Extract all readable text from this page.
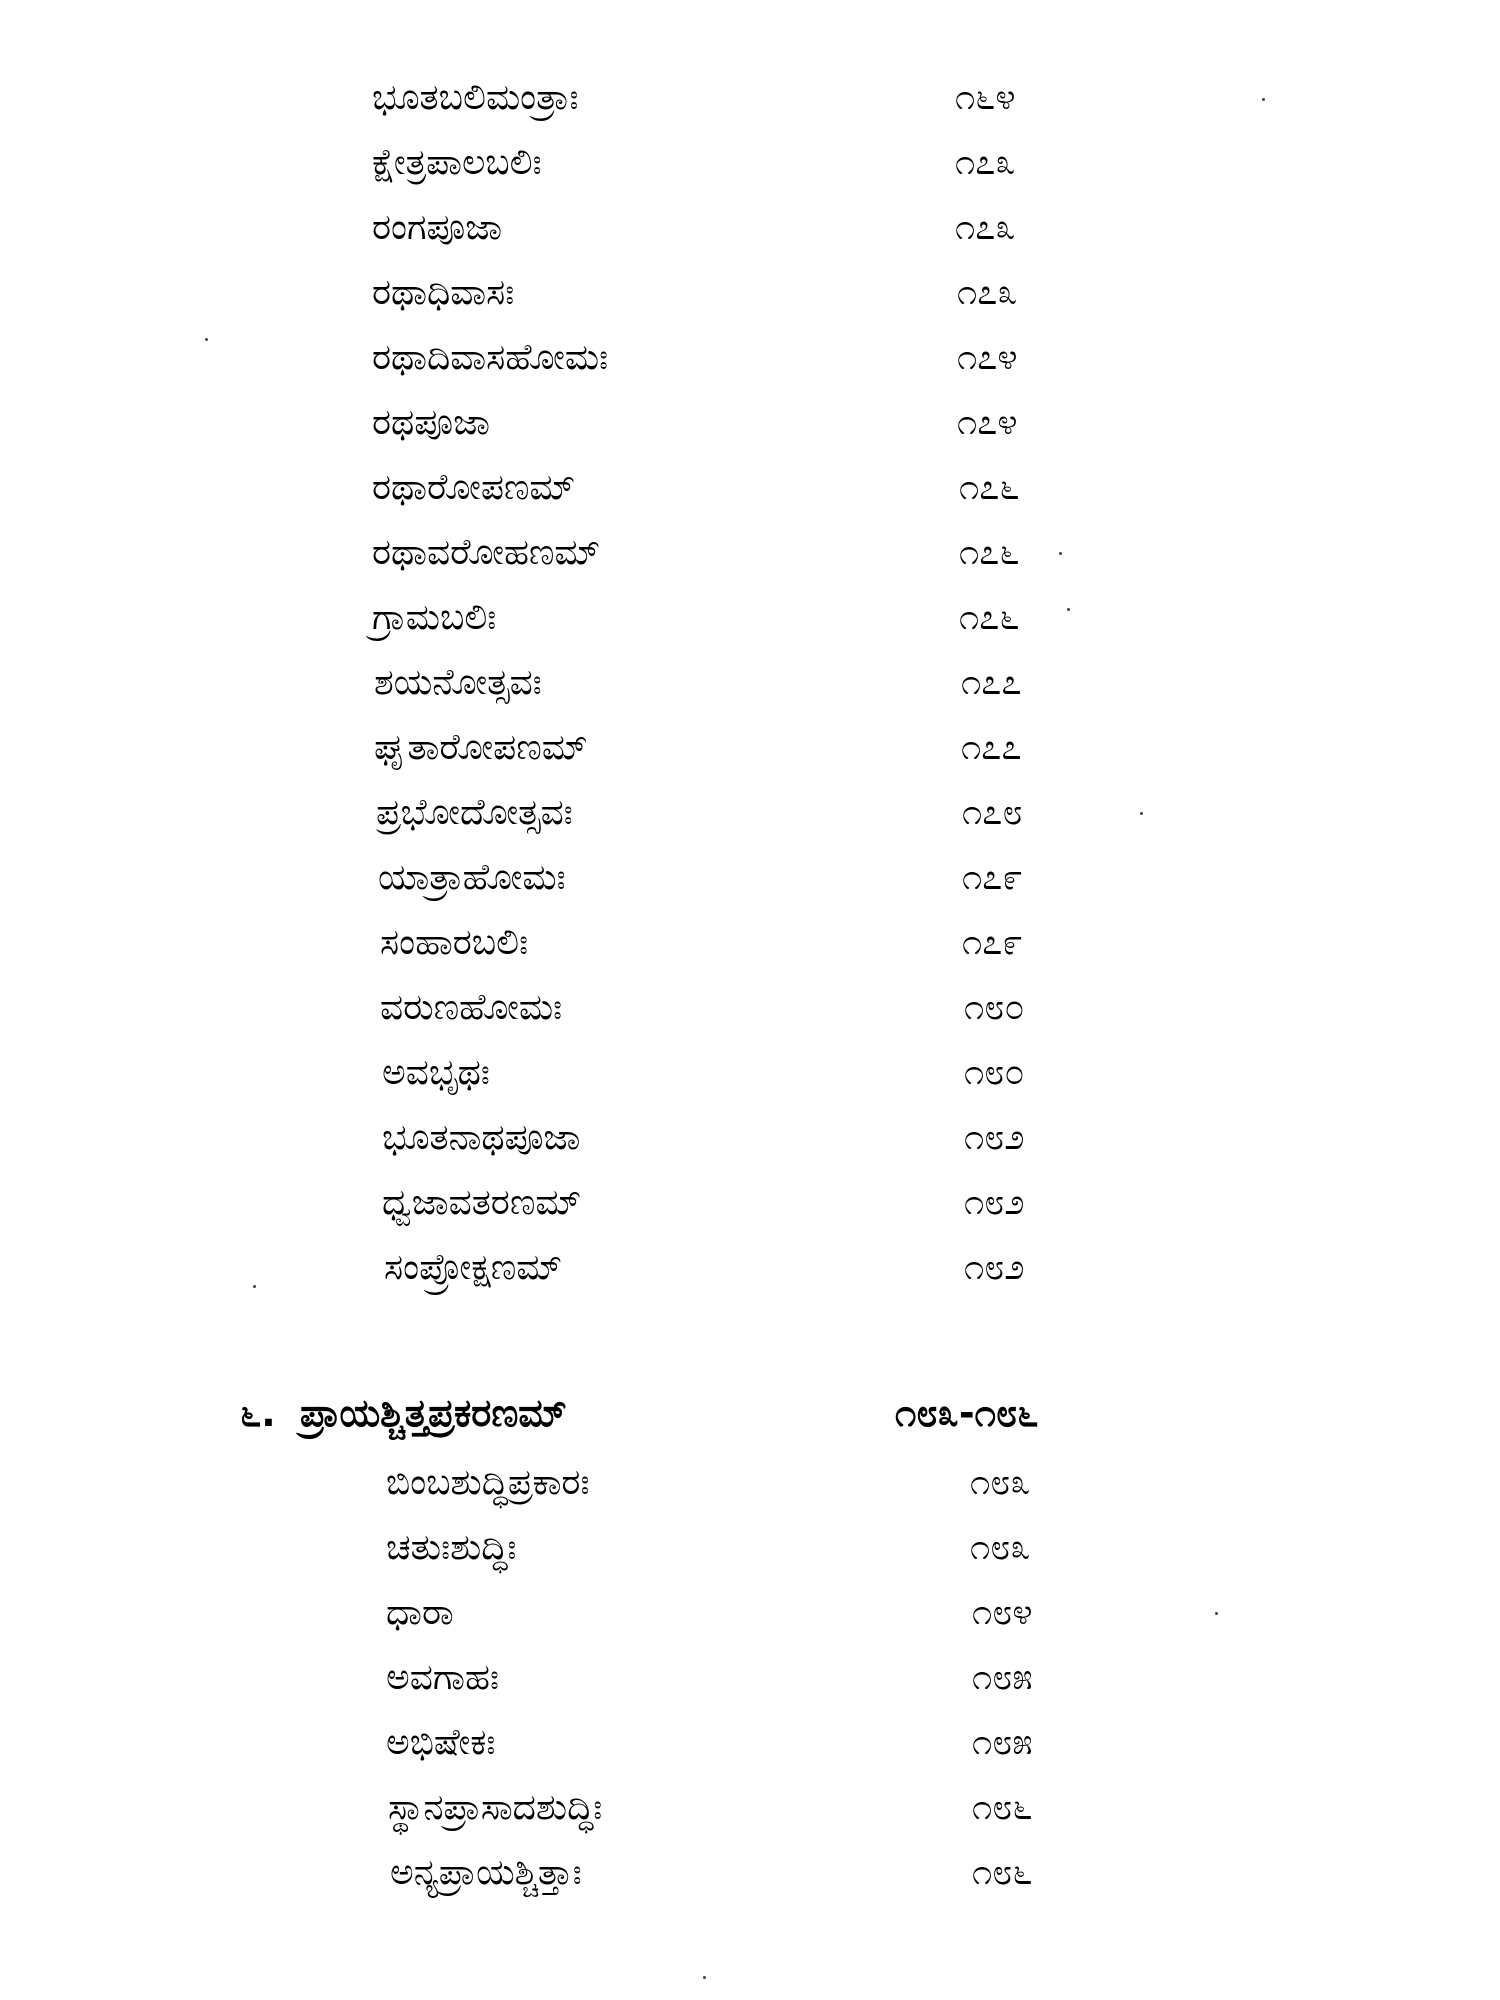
ಭೂತಬಲಿಮಂತ್ರಾಃ	೧೬೪
ಕ್ಷೇತ್ರಪಾಲಬಲಿಃ	೧೭೩
ರಂಗಪೂಜಾ	೧೭೩
ರಥಾಧಿವಾಸಃ	೧೭೩
ರಥಾದಿವಾಸಹೋಮಃ	೧೭೪
ರಥಪೂಜಾ	೧೭೪
ರಥಾರೋಪಣಮ್	೧೭೬
ರಥಾವರೋಹಣಮ್	೧೭೬
ಗ್ರಾಮಬಲಿಃ	೧೭೬
ಶಯನೋತ್ಸವಃ	೧೭೭
ಘೃತಾರೋಪಣಮ್	೧೭೭
ಪ್ರಭೋದೋತ್ಸವಃ	೧೭೮
ಯಾತ್ರಾಹೋಮಃ	೧೭೯
ಸಂಹಾರಬಲಿಃ	೧೭೯
ವರುಣಹೋಮಃ	೧೮೦
ಅವಭೃಥಃ	೧೮೦
ಭೂತನಾಥಪೂಜಾ	೧೮೨
ಧ್ವಜಾವತರಣಮ್	೧೮೨
ಸಂಪ್ರೋಕ್ಷಣಮ್	೧೮೨
೬. ಪ್ರಾಯಶ್ಚಿತ್ತಪ್ರಕರಣಮ್	೧೮೩-೧೮೬
ಬಿಂಬಶುದ್ಧಿಪ್ರಕಾರಃ	೧೮೩
ಚತುಃಶುದ್ಧಿಃ	೧೮೩
ಧಾರಾ	೧೮೪
ಅವಗಾಹಃ	೧೮೫
ಅಭಿಷೇಕಃ	೧೮೫
ಸ್ಥಾನಪ್ರಾಸಾದಶುದ್ಧಿಃ	೧೮೬
ಅನ್ಯಪ್ರಾಯಶ್ಚಿತ್ತಾಃ	೧೮೬
